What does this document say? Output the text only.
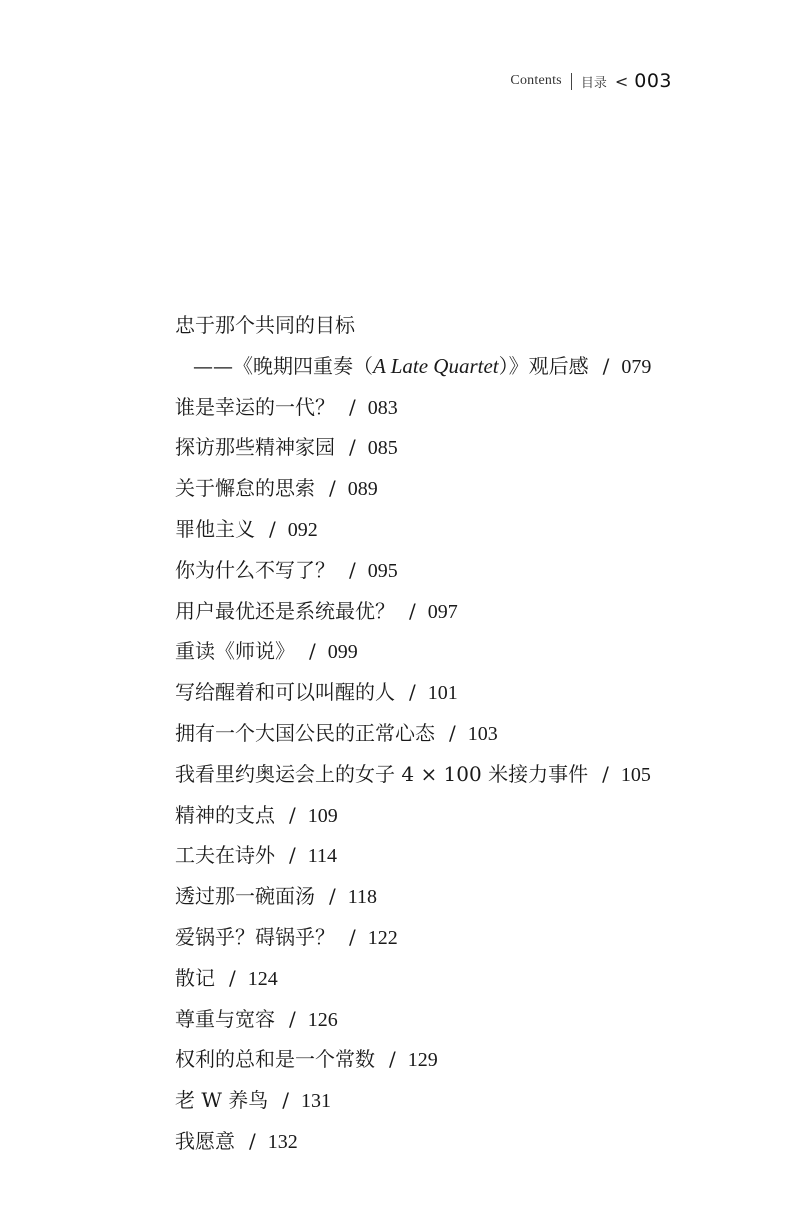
Contents 目录 < 003
忠于那个共同的目标
——《晚期四重奏（A Late Quartet）》观后感 / 079
谁是幸运的一代？ / 083
探访那些精神家园 / 085
关于懈怠的思索 / 089
罪他主义 / 092
你为什么不写了？ / 095
用户最优还是系统最优？ / 097
重读《师说》 / 099
写给醒着和可以叫醒的人 / 101
拥有一个大国公民的正常心态 / 103
我看里约奥运会上的女子 4 × 100 米接力事件 / 105
精神的支点 / 109
工夫在诗外 / 114
透过那一碗面汤 / 118
爱锅乎？碍锅乎？ / 122
散记 / 124
尊重与宽容 / 126
权利的总和是一个常数 / 129
老 W 养鸟 / 131
我愿意 / 132
